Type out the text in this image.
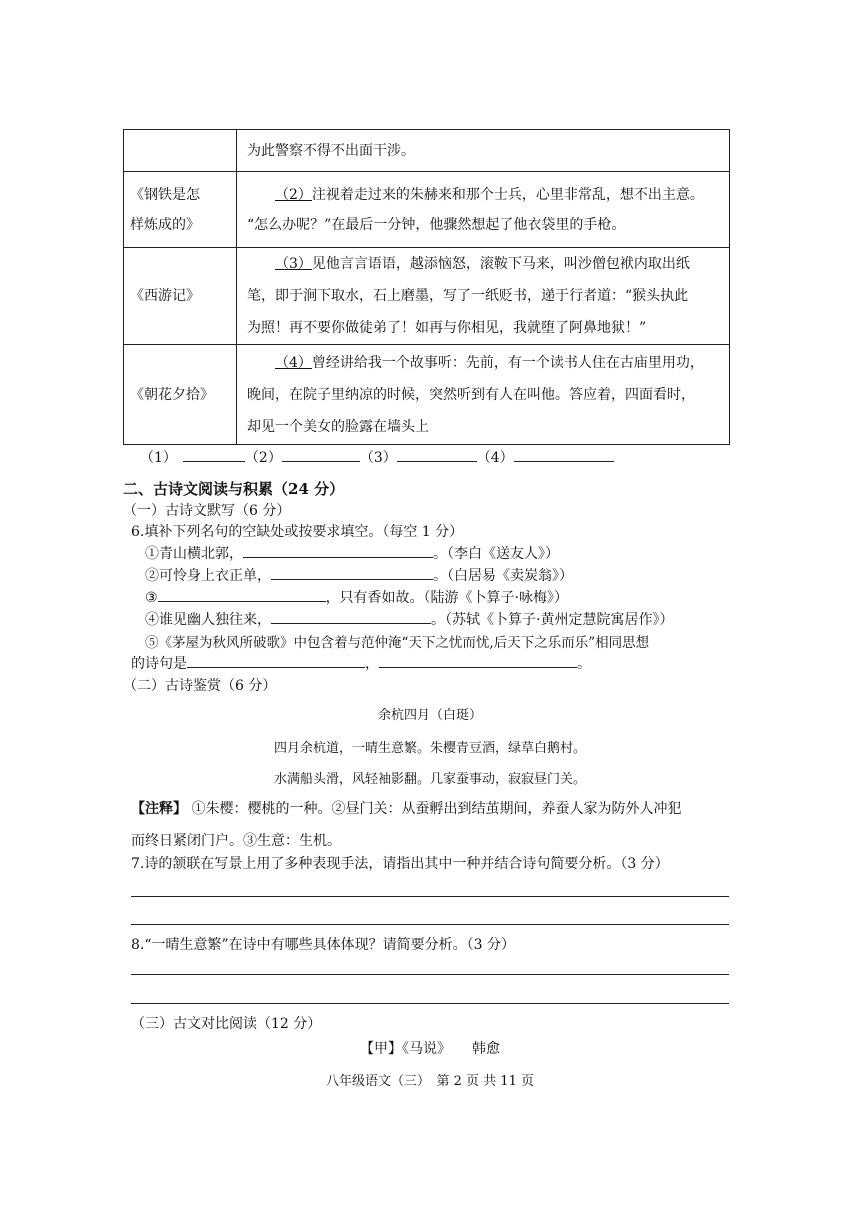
	为此警察不得不出面干涉。
《钢铁是怎
样炼成的》	（2）注视着走过来的朱赫来和那个士兵，心里非常乱，想不出主意。
“怎么办呢？”在最后一分钟，他骤然想起了他衣袋里的手枪。
《西游记》	（3）见他言言语语，越添恼怒，滚鞍下马来，叫沙僧包袱内取出纸
笔，即于涧下取水，石上磨墨，写了一纸贬书，递于行者道：“猴头执此
为照！再不要你做徒弟了！如再与你相见，我就堕了阿鼻地狱！”
《朝花夕拾》	（4）曾经讲给我一个故事听：先前，有一个读书人住在古庙里用功，
晚间，在院子里纳凉的时候，突然听到有人在叫他。答应着，四面看时，
却见一个美女的脸露在墙头上
（1）	（2）	（3）	（4）
二、古诗文阅读与积累（24 分）
（一）古诗文默写（6 分）
6.填补下列名句的空缺处或按要求填空。（每空 1 分）
①青山横北郭，	。（李白《送友人》）
②可怜身上衣正单，	。（白居易《卖炭翁》）
③	，只有香如故。（陆游《卜算子·咏梅》）
④谁见幽人独往来，	。（苏轼《卜算子·黄州定慧院寓居作》）
⑤《茅屋为秋风所破歌》中包含着与范仲淹“天下之忧而忧,后天下之乐而乐”相同思想
的诗句是	，	。
（二）古诗鉴赏（6 分）
余杭四月（白珽）
四月余杭道，一晴生意繁。朱樱青豆酒，绿草白鹅村。
水满船头滑，风轻袖影翻。几家蚕事动，寂寂昼门关。
【注释】 ①朱樱：樱桃的一种。②昼门关：从蚕孵出到结茧期间，养蚕人家为防外人冲犯
而终日紧闭门户。③生意：生机。
7.诗的颔联在写景上用了多种表现手法，请指出其中一种并结合诗句简要分析。（3 分）
8.“一晴生意繁”在诗中有哪些具体体现？请简要分析。（3 分）
（三）古文对比阅读（12 分）
【甲】《马说》　　韩愈
八年级语文（三）　第 2 页 共 11 页
